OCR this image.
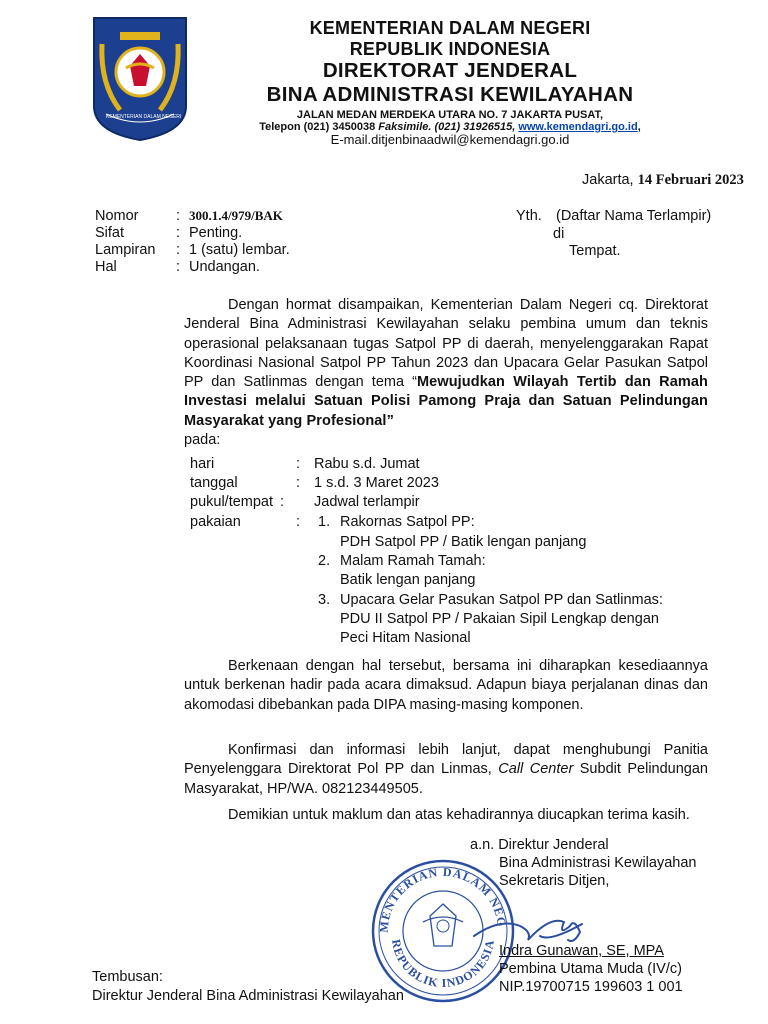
KEMENTERIAN DALAM NEGERI
KEMENTERIAN DALAM NEGERI
REPUBLIK INDONESIA
DIREKTORAT JENDERAL
BINA ADMINISTRASI KEWILAYAHAN
JALAN MEDAN MERDEKA UTARA NO. 7 JAKARTA PUSAT,
Telepon (021) 3450038 Faksimile. (021) 31926515, www.kemendagri.go.id,
E-mail.ditjenbinaadwil@kemendagri.go.id
Jakarta, 14 Februari 2023
Nomor	: 300.1.4/979/BAK
Sifat	: Penting.
Lampiran : 1 (satu) lembar.
Hal	: Undangan.
Yth. (Daftar Nama Terlampir)
di
Tempat.
Dengan hormat disampaikan, Kementerian Dalam Negeri cq. Direktorat Jenderal Bina Administrasi Kewilayahan selaku pembina umum dan teknis operasional pelaksanaan tugas Satpol PP di daerah, menyelenggarakan Rapat Koordinasi Nasional Satpol PP Tahun 2023 dan Upacara Gelar Pasukan Satpol PP dan Satlinmas dengan tema “Mewujudkan Wilayah Tertib dan Ramah Investasi melalui Satuan Polisi Pamong Praja dan Satuan Pelindungan Masyarakat yang Profesional”
pada:
hari	: Rabu s.d. Jumat
tanggal	: 1 s.d. 3 Maret 2023
pukul/tempat : Jadwal terlampir
pakaian	: 1. Rakornas Satpol PP:
PDH Satpol PP / Batik lengan panjang
2. Malam Ramah Tamah:
Batik lengan panjang
3. Upacara Gelar Pasukan Satpol PP dan Satlinmas:
PDU II Satpol PP / Pakaian Sipil Lengkap dengan
Peci Hitam Nasional
Berkenaan dengan hal tersebut, bersama ini diharapkan kesediaannya untuk berkenan hadir pada acara dimaksud. Adapun biaya perjalanan dinas dan akomodasi dibebankan pada DIPA masing-masing komponen.
Konfirmasi dan informasi lebih lanjut, dapat menghubungi Panitia Penyelenggara Direktorat Pol PP dan Linmas, Call Center Subdit Pelindungan Masyarakat, HP/WA. 082123449505.
Demikian untuk maklum dan atas kehadirannya diucapkan terima kasih.
MENTERIAN DALAM NEG
REPUBLIK INDONESIA
a.n. Direktur Jenderal
Bina Administrasi Kewilayahan
Sekretaris Ditjen,
Indra Gunawan, SE, MPA
Pembina Utama Muda (IV/c)
NIP.19700715 199603 1 001
Tembusan:
Direktur Jenderal Bina Administrasi Kewilayahan
